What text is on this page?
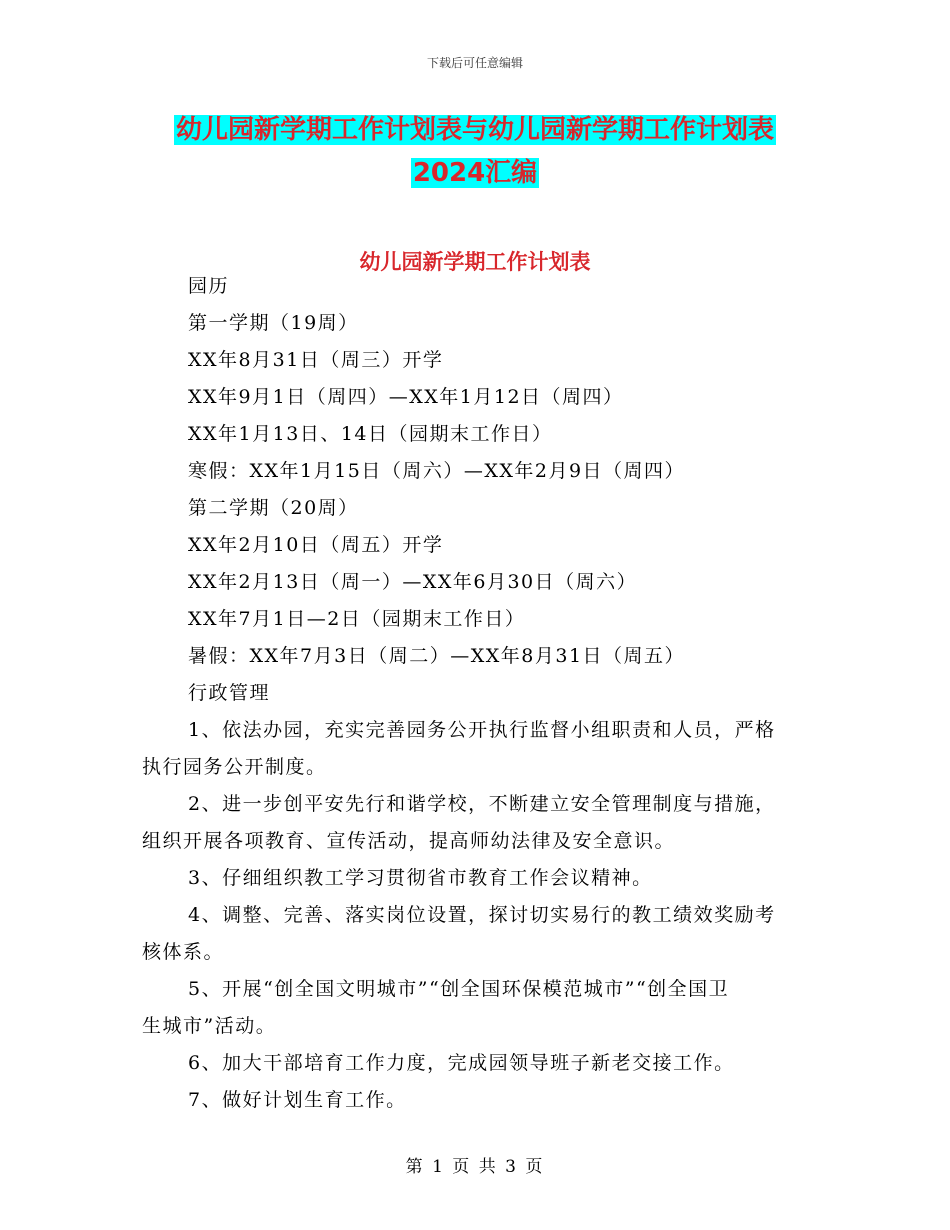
下载后可任意编辑
幼儿园新学期工作计划表与幼儿园新学期工作计划表
2024汇编
幼儿园新学期工作计划表
园历
第一学期（19周）
XX年8月31日（周三）开学
XX年9月1日（周四）—XX年1月12日（周四）
XX年1月13日、14日（园期末工作日）
寒假：XX年1月15日（周六）—XX年2月9日（周四）
第二学期（20周）
XX年2月10日（周五）开学
XX年2月13日（周一）—XX年6月30日（周六）
XX年7月1日—2日（园期末工作日）
暑假：XX年7月3日（周二）—XX年8月31日（周五）
行政管理
1、依法办园，充实完善园务公开执行监督小组职责和人员，严格
执行园务公开制度。
2、进一步创平安先行和谐学校，不断建立安全管理制度与措施，
组织开展各项教育、宣传活动，提高师幼法律及安全意识。
3、仔细组织教工学习贯彻省市教育工作会议精神。
4、调整、完善、落实岗位设置，探讨切实易行的教工绩效奖励考
核体系。
5、开展“创全国文明城市”“创全国环保模范城市”“创全国卫
生城市”活动。
6、加大干部培育工作力度，完成园领导班子新老交接工作。
7、做好计划生育工作。
第 1 页 共 3 页
